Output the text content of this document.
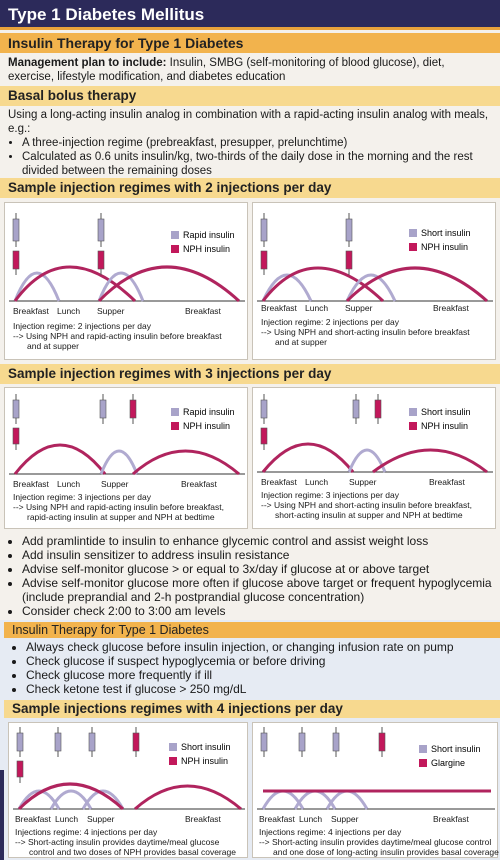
Type 1 Diabetes Mellitus
Insulin Therapy for Type 1 Diabetes
Management plan to include: Insulin, SMBG (self-monitoring of blood glucose), diet, exercise, lifestyle modification, and diabetes education
Basal bolus therapy
Using a long-acting insulin analog in combination with a rapid-acting insulin analog with meals, e.g.:
• A three-injection regime (prebreakfast, presupper, prelunchtime)
• Calculated as 0.6 units insulin/kg, two-thirds of the daily dose in the morning and the rest divided between the remaining doses
Sample injection regimes with 2 injections per day
Rapid insulin
NPH insulin
Breakfast Lunch Supper	Breakfast
Injection regime: 2 injections per day
--> Using NPH and rapid-acting insulin before breakfast
and at supper
Short insulin
NPH insulin
Breakfast Lunch Supper	Breakfast
Injection regime: 2 injections per day
--> Using NPH and short-acting insulin before breakfast
and at supper
Sample injection regimes with 3 injections per day
Rapid insulin
NPH insulin
Breakfast Lunch Supper	Breakfast
Injection regime: 3 injections per day
--> Using NPH and rapid-acting insulin before breakfast,
rapid-acting insulin at supper and NPH at bedtime
Short insulin
NPH insulin
Breakfast Lunch Supper	Breakfast
Injection regime: 3 injections per day
--> Using NPH and short-acting insulin before breakfast,
short-acting insulin at supper and NPH at bedtime
• Add pramlintide to insulin to enhance glycemic control and assist weight loss
• Add insulin sensitizer to address insulin resistance
• Advise self-monitor glucose > or equal to 3x/day if glucose at or above target
• Advise self-monitor glucose more often if glucose above target or frequent hypoglycemia (include preprandial and 2-h postprandial glucose concentration)
• Consider check 2:00 to 3:00 am levels
Insulin Therapy for Type 1 Diabetes
• Always check glucose before insulin injection, or changing infusion rate on pump
• Check glucose if suspect hypoglycemia or before driving
• Check glucose more frequently if ill
• Check ketone test if glucose > 250 mg/dL
Sample injections regimes with 4 injections per day
Short insulin
NPH insulin
Breakfast Lunch Supper	Breakfast
Injections regime: 4 injections per day
--> Short-acting insulin provides daytime/meal glucose
control and two doses of NPH provides basal coverage
Short insulin
Glargine
Breakfast Lunch Supper	Breakfast
Injections regime: 4 injections per day
--> Short-acting insulin provides daytime/meal glucose control
and one dose of long-acting insulin provides basal coverage
